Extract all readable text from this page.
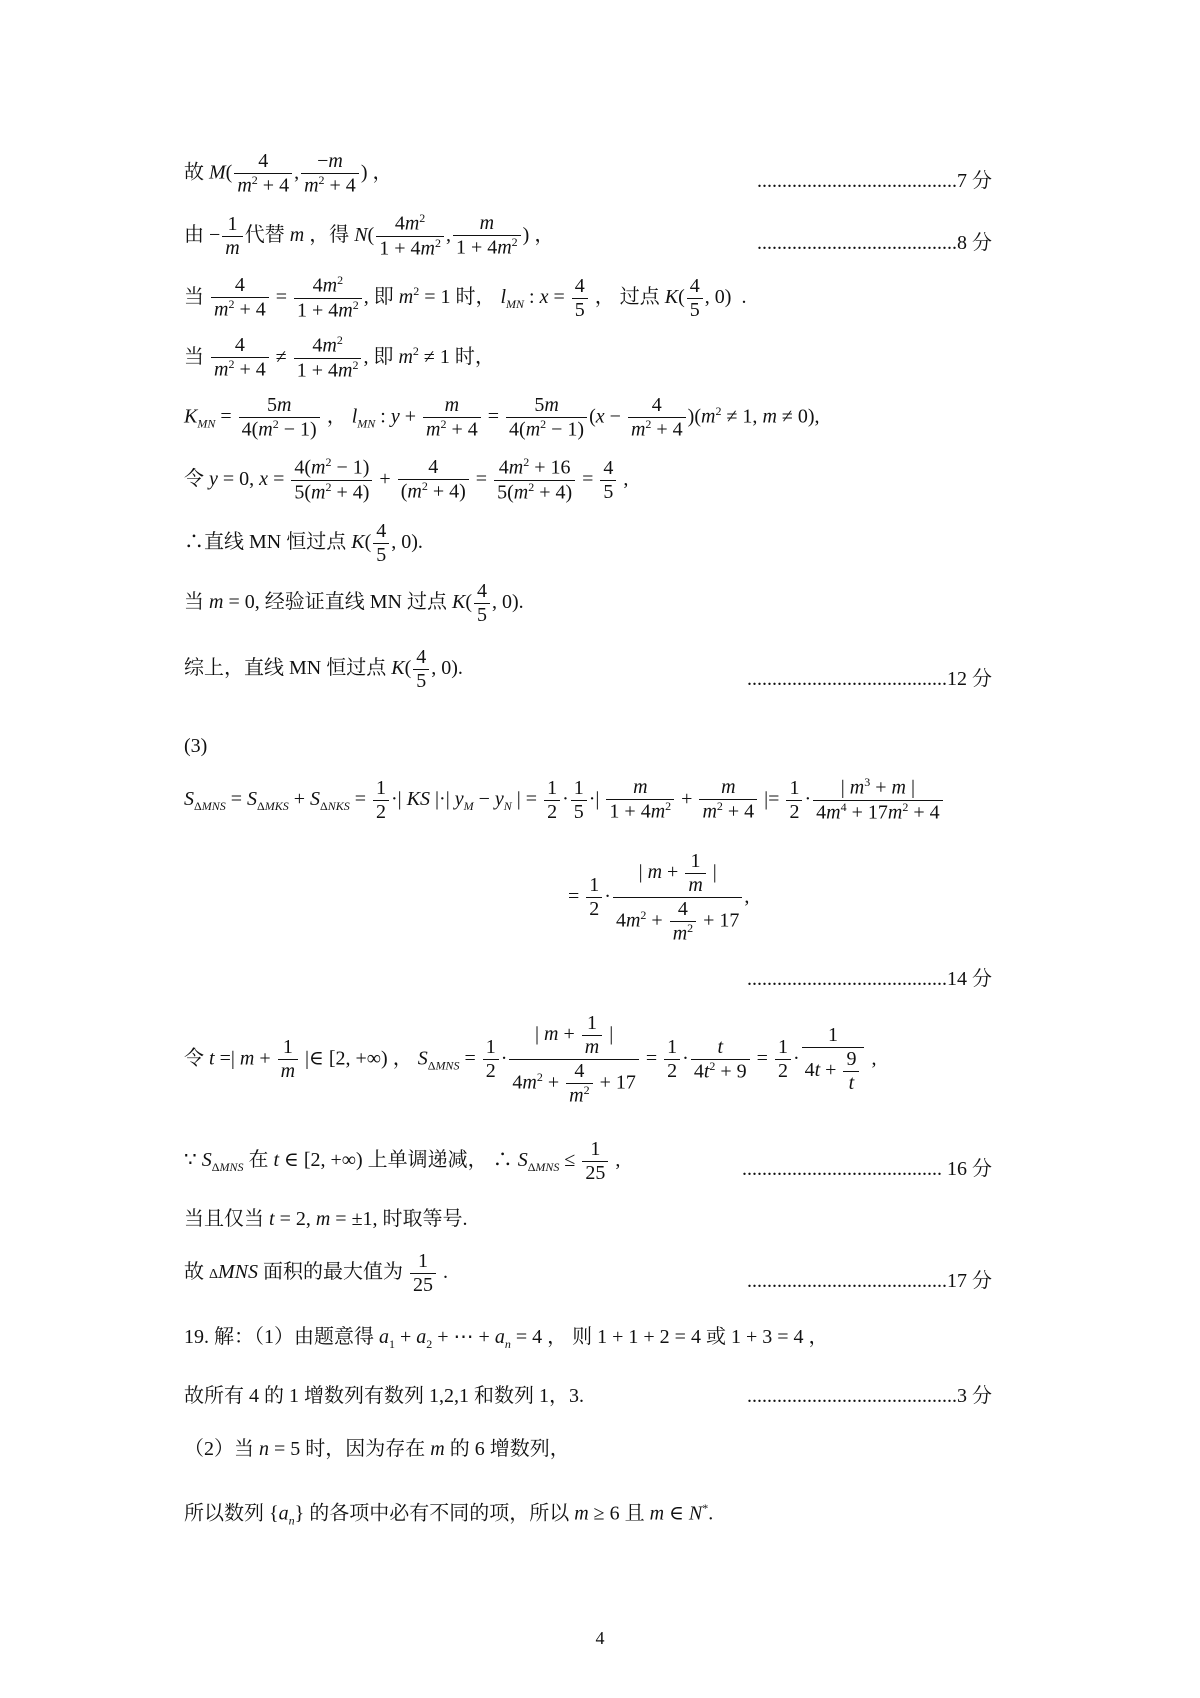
故 $M( \frac{4}{m^2 + 4}$ , $\frac{-m}{m^2 + 4}$ ) ，	........................................7 分
由 − $\frac{1}{m}$ 代替 m ，得 $N( \frac{4m^2}{1 + 4m^2}$ , $\frac{m}{1 + 4m^2}$ ) ，	........................................8 分
当 $\frac{4}{m^2 + 4} = \frac{4m^2}{1 + 4m^2}$ , 即 $m^2 = 1$ 时， $l_{MN}$ : $x = \frac{4}{5}$ ， 过点 $K( \frac{4}{5}$ , 0)  .
当 $\frac{4}{m^2 + 4} \ne \frac{4m^2}{1 + 4m^2}$ , 即 $m^2 \ne 1$ 时，
$K_{MN} = \frac{5m}{4(m^2 - 1)}$ ， $l_{MN}$ : $y + \frac{m}{m^2 + 4} = \frac{5m}{4(m^2 - 1)} (x - \frac{4}{m^2 + 4} )(m^2 \ne 1$, m ≠ 0),
令 y = 0, $x = \frac{4(m^2 - 1)}{5(m^2 + 4)} + \frac{4}{(m^2 + 4)} = \frac{4m^2 + 16}{5(m^2 + 4)} = \frac{4}{5}$ ,
∴直线 MN 恒过点 $K( \frac{4}{5}$ , 0).
当 m = 0, 经验证直线 MN 过点 $K( \frac{4}{5}$ , 0).
综上，直线 MN 恒过点 $K( \frac{4}{5}$ , 0).	........................................12 分
(3)
$S_{\Delta MNS} = S_{\Delta MKS} + S_{\Delta NKS} = \frac{1}{2}$ ·| KS |·| $y_M - y_N$ | = $\frac{1}{2} \cdot \frac{1}{5}$ ·| $\frac{m}{1 + 4m^2} + \frac{m}{m^2 + 4}$ |= $\frac{1}{2} \cdot \frac{| m^3 + m |}{4m^4 + 17m^2 + 4}$
= $\frac{1}{2} \cdot \frac{| m + \frac{1}{m} |}{4m^2 + \frac{4}{m^2} + 17}$ ,
........................................14 分
令 t =| $m + \frac{1}{m}$ |∈ [2, +∞) ， $S_{\Delta MNS} = \frac{1}{2} \cdot \frac{| m + \frac{1}{m} |}{4m^2 + \frac{4}{m^2} + 17} = \frac{1}{2} \cdot \frac{t}{4t^2 + 9} = \frac{1}{2} \cdot \frac{1}{4t + \frac{9}{t}}$ ,
∵ $S_{\Delta MNS}$ 在 t ∈ [2, +∞) 上单调递减， ∴ $S_{\Delta MNS} \le \frac{1}{25}$ ,	........................................ 16 分
当且仅当 t = 2, m = ±1, 时取等号.
故 ΔMNS 面积的最大值为 $\frac{1}{25}$ .	........................................17 分
19. 解：（1）由题意得 $a_1 + a_2$ + ⋯ + $a_n = 4$ ， 则 1 + 1 + 2 = 4 或 1 + 3 = 4 ，
故所有 4 的 1 增数列有数列 1,2,1 和数列 1，3.	..........................................3 分
（2）当 n = 5 时，因为存在 m 的 6 增数列，
所以数列 $\{a_n\}$ 的各项中必有不同的项，所以 m ≥ 6 且 m ∈ N*.
4
